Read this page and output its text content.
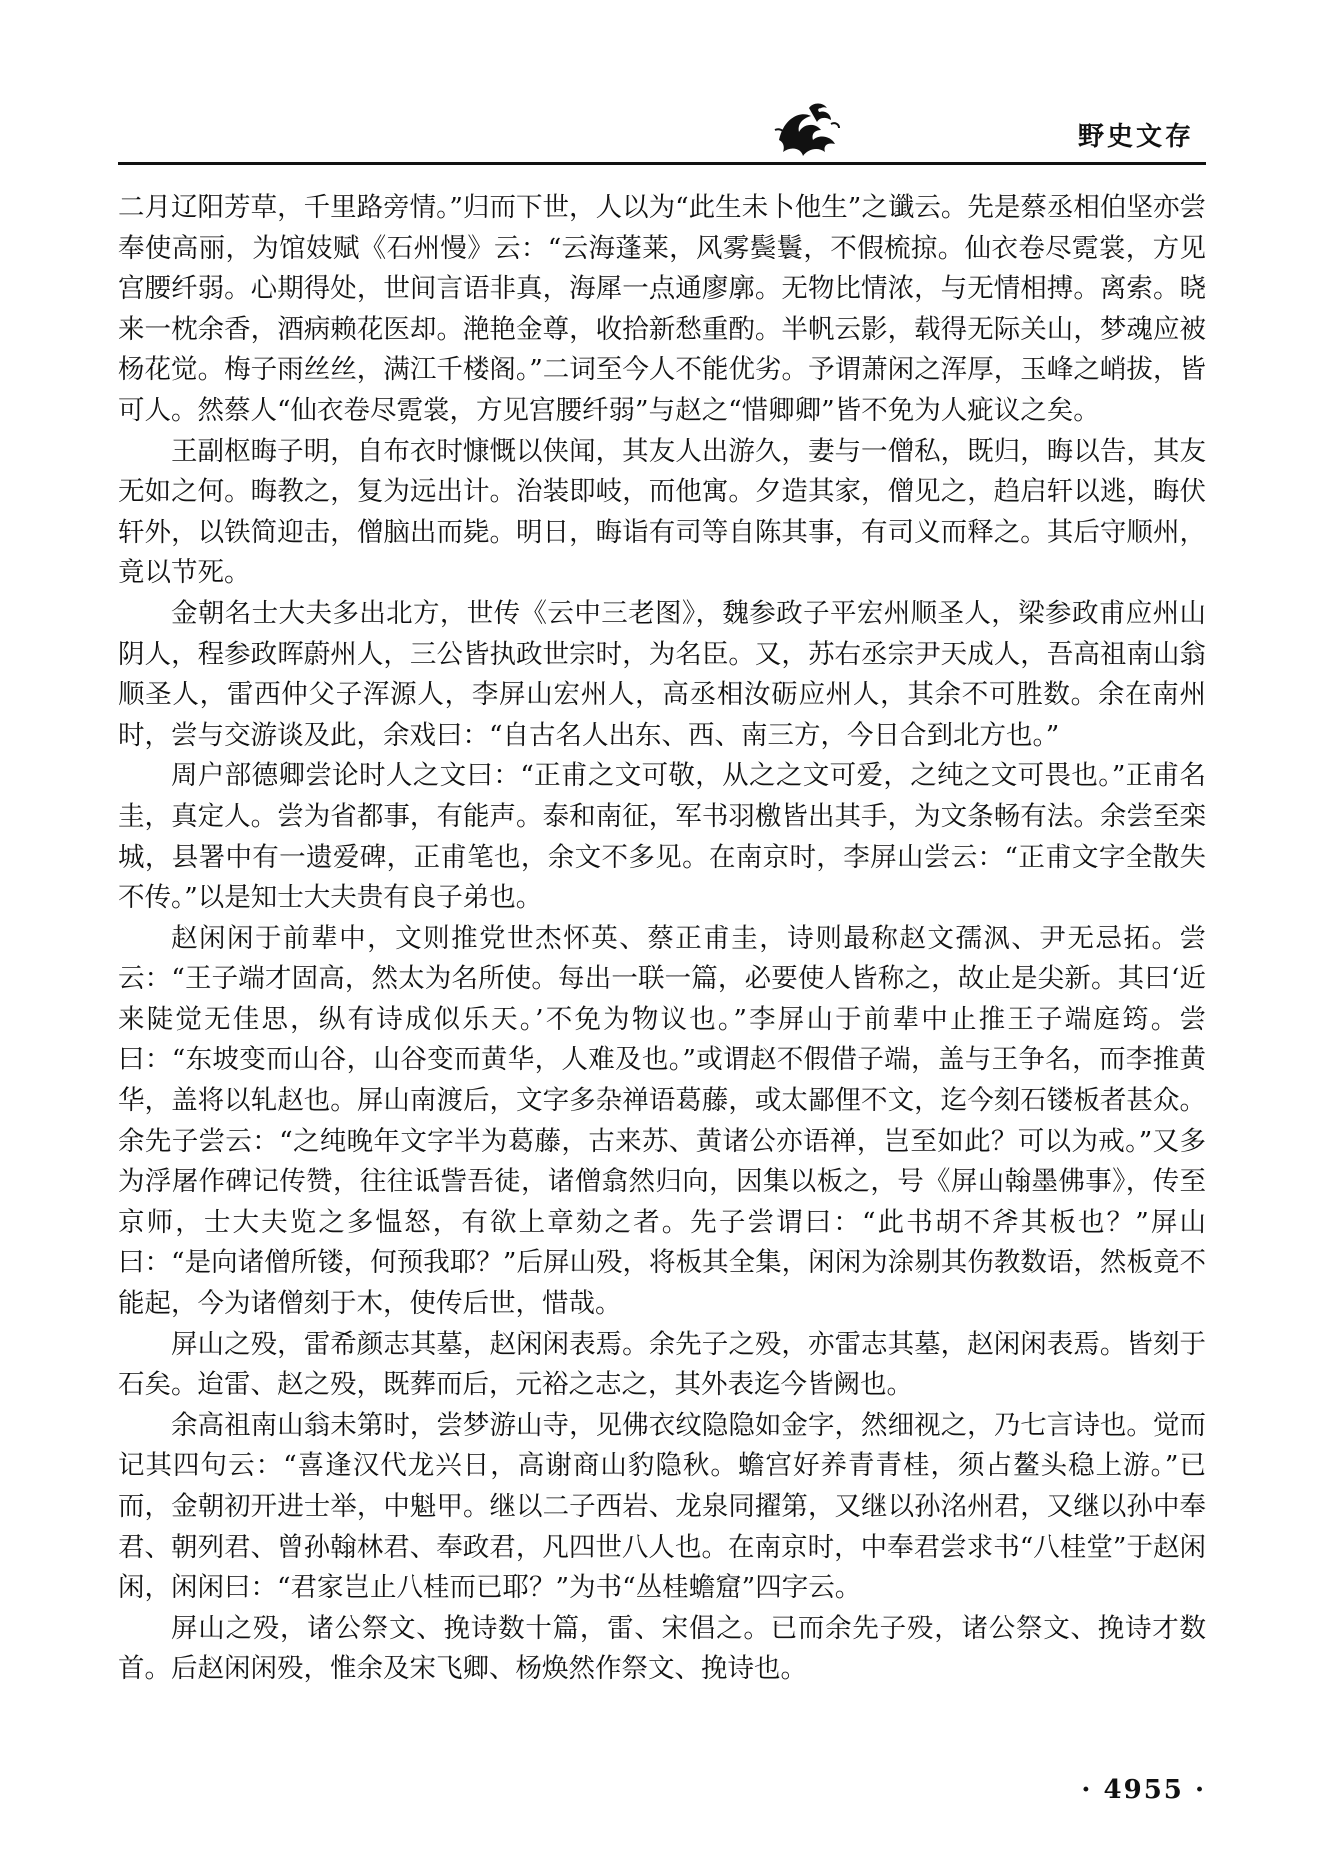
野史文存

二月辽阳芳草，千里路旁情。”归而下世，人以为“此生未卜他生”之谶云。先是蔡丞相伯坚亦尝奉使高丽，为馆妓赋《石州慢》云：“云海蓬莱，风雾鬓鬟，不假梳掠。仙衣卷尽霓裳，方见宫腰纤弱。心期得处，世间言语非真，海犀一点通廖廓。无物比情浓，与无情相搏。离索。晓来一枕余香，酒病赖花医却。滟艳金尊，收拾新愁重酌。半帆云影，载得无际关山，梦魂应被杨花觉。梅子雨丝丝，满江千楼阁。”二词至今人不能优劣。予谓萧闲之浑厚，玉峰之峭拔，皆可人。然蔡人“仙衣卷尽霓裳，方见宫腰纤弱”与赵之“惜卿卿”皆不免为人疵议之矣。

王副枢晦子明，自布衣时慷慨以侠闻，其友人出游久，妻与一僧私，既归，晦以告，其友无如之何。晦教之，复为远出计。治装即岐，而他寓。夕造其家，僧见之，趋启轩以逃，晦伏轩外，以铁简迎击，僧脑出而毙。明日，晦诣有司等自陈其事，有司义而释之。其后守顺州，竟以节死。

金朝名士大夫多出北方，世传《云中三老图》，魏参政子平宏州顺圣人，梁参政甫应州山阴人，程参政晖蔚州人，三公皆执政世宗时，为名臣。又，苏右丞宗尹天成人，吾高祖南山翁顺圣人，雷西仲父子浑源人，李屏山宏州人，高丞相汝砺应州人，其余不可胜数。余在南州时，尝与交游谈及此，余戏曰：“自古名人出东、西、南三方，今日合到北方也。”

周户部德卿尝论时人之文曰：“正甫之文可敬，从之之文可爱，之纯之文可畏也。”正甫名圭，真定人。尝为省都事，有能声。泰和南征，军书羽檄皆出其手，为文条畅有法。余尝至栾城，县署中有一遗爱碑，正甫笔也，余文不多见。在南京时，李屏山尝云：“正甫文字全散失不传。”以是知士大夫贵有良子弟也。

赵闲闲于前辈中，文则推党世杰怀英、蔡正甫圭，诗则最称赵文孺沨、尹无忌拓。尝云：“王子端才固高，然太为名所使。每出一联一篇，必要使人皆称之，故止是尖新。其曰‘近来陡觉无佳思，纵有诗成似乐天。’不免为物议也。”李屏山于前辈中止推王子端庭筠。尝曰：“东坡变而山谷，山谷变而黄华，人难及也。”或谓赵不假借子端，盖与王争名，而李推黄华，盖将以轧赵也。屏山南渡后，文字多杂禅语葛藤，或太鄙俚不文，迄今刻石镂板者甚众。余先子尝云：“之纯晚年文字半为葛藤，古来苏、黄诸公亦语禅，岂至如此？可以为戒。”又多为浮屠作碑记传赞，往往诋訾吾徒，诸僧翕然归向，因集以板之，号《屏山翰墨佛事》，传至京师，士大夫览之多愠怒，有欲上章劾之者。先子尝谓曰：“此书胡不斧其板也？”屏山曰：“是向诸僧所镂，何预我耶？”后屏山殁，将板其全集，闲闲为涂剔其伤教数语，然板竟不能起，今为诸僧刻于木，使传后世，惜哉。

屏山之殁，雷希颜志其墓，赵闲闲表焉。余先子之殁，亦雷志其墓，赵闲闲表焉。皆刻于石矣。迨雷、赵之殁，既葬而后，元裕之志之，其外表迄今皆阙也。

余高祖南山翁未第时，尝梦游山寺，见佛衣纹隐隐如金字，然细视之，乃七言诗也。觉而记其四句云：“喜逢汉代龙兴日，高谢商山豹隐秋。蟾宫好养青青桂，须占鳌头稳上游。”已而，金朝初开进士举，中魁甲。继以二子西岩、龙泉同擢第，又继以孙洺州君，又继以孙中奉君、朝列君、曾孙翰林君、奉政君，凡四世八人也。在南京时，中奉君尝求书“八桂堂”于赵闲闲，闲闲曰：“君家岂止八桂而已耶？”为书“丛桂蟾窟”四字云。

屏山之殁，诸公祭文、挽诗数十篇，雷、宋倡之。已而余先子殁，诸公祭文、挽诗才数首。后赵闲闲殁，惟余及宋飞卿、杨焕然作祭文、挽诗也。

· 4955 ·
